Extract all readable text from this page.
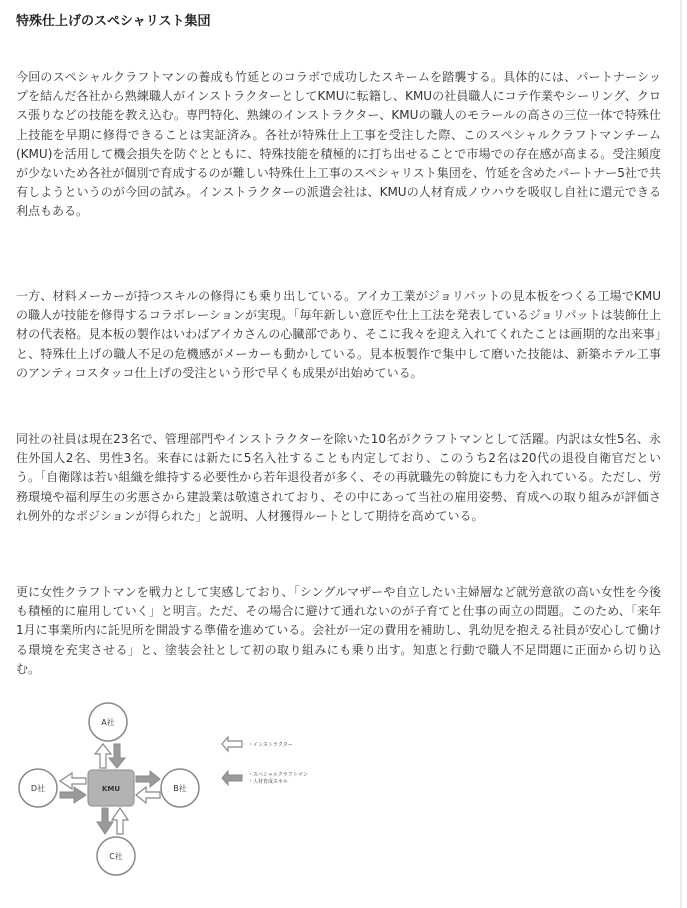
特殊仕上げのスペシャリスト集団

今回のスペシャルクラフトマンの養成も竹延とのコラボで成功したスキームを踏襲する。具体的には、パートナーシップを結んだ各社から熟練職人がインストラクターとしてKMUに転籍し、KMUの社員職人にコテ作業やシーリング、クロス張りなどの技能を教え込む。専門特化、熟練のインストラクター、KMUの職人のモラールの高さの三位一体で特殊仕上技能を早期に修得できることは実証済み。各社が特殊仕上工事を受注した際、このスペシャルクラフトマンチーム(KMU)を活用して機会損失を防ぐとともに、特殊技能を積極的に打ち出せることで市場での存在感が高まる。受注頻度が少ないため各社が個別で育成するのが難しい特殊仕上工事のスペシャリスト集団を、竹延を含めたパートナー5社で共有しようというのが今回の試み。インストラクターの派遣会社は、KMUの人材育成ノウハウを吸収し自社に還元できる利点もある。

一方、材料メーカーが持つスキルの修得にも乗り出している。アイカ工業がジョリパットの見本板をつくる工場でKMUの職人が技能を修得するコラボレーションが実現。「毎年新しい意匠や仕上工法を発表しているジョリパットは装飾仕上材の代表格。見本板の製作はいわばアイカさんの心臓部であり、そこに我々を迎え入れてくれたことは画期的な出来事」と、特殊仕上げの職人不足の危機感がメーカーも動かしている。見本板製作で集中して磨いた技能は、新築ホテル工事のアンティコスタッコ仕上げの受注という形で早くも成果が出始めている。

同社の社員は現在23名で、管理部門やインストラクターを除いた10名がクラフトマンとして活躍。内訳は女性5名、永住外国人2名、男性3名。来春には新たに5名入社することも内定しており、このうち2名は20代の退役自衛官だという。「自衛隊は若い組織を維持する必要性から若年退役者が多く、その再就職先の斡旋にも力を入れている。ただし、労務環境や福利厚生の劣悪さから建設業は敬遠されており、その中にあって当社の雇用姿勢、育成への取り組みが評価され例外的なポジションが得られた」と説明、人材獲得ルートとして期待を高めている。

更に女性クラフトマンを戦力として実感しており、「シングルマザーや自立したい主婦層など就労意欲の高い女性を今後も積極的に雇用していく」と明言。ただ、その場合に避けて通れないのが子育てと仕事の両立の問題。このため、「来年1月に事業所内に託児所を開設する準備を進めている。会社が一定の費用を補助し、乳幼児を抱える社員が安心して働ける環境を充実させる」と、塗装会社として初の取り組みにも乗り出す。知恵と行動で職人不足問題に正面から切り込む。

A社
B社
C社
D社	KMU
・インストラクター
・スペシャルクラフトマン
・人材育成スキル
